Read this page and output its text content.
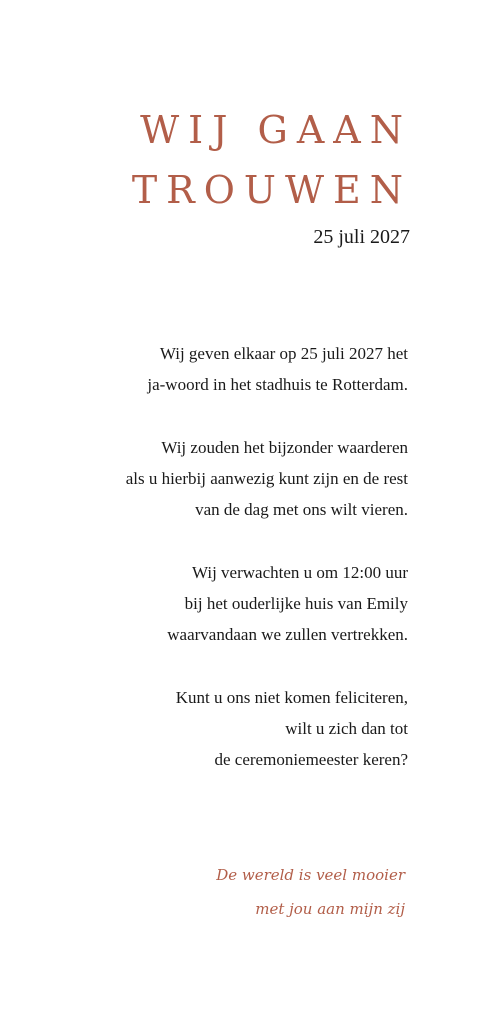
WIJ GAAN
TROUWEN
25 juli 2027

Wij geven elkaar op 25 juli 2027 het
ja-woord in het stadhuis te Rotterdam.

Wij zouden het bijzonder waarderen
als u hierbij aanwezig kunt zijn en de rest
van de dag met ons wilt vieren.

Wij verwachten u om 12:00 uur
bij het ouderlijke huis van Emily
waarvandaan we zullen vertrekken.

Kunt u ons niet komen feliciteren,
wilt u zich dan tot
de ceremoniemeester keren?

De wereld is veel mooier
met jou aan mijn zij
